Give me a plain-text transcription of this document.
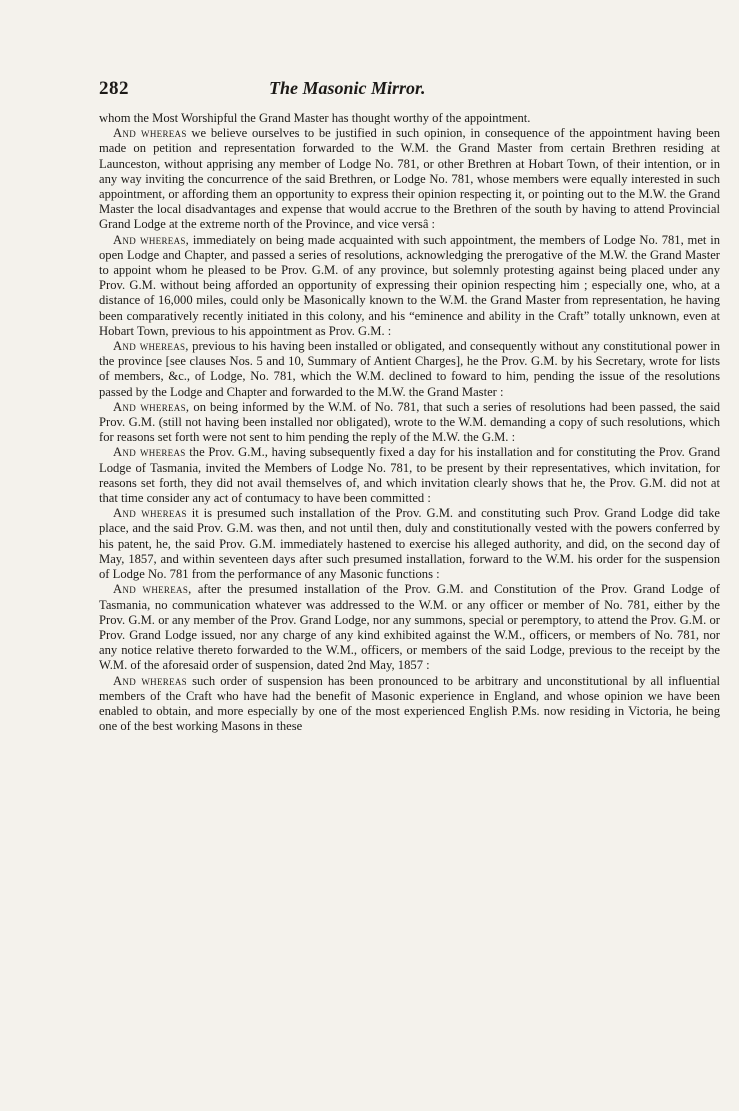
282	The Masonic Mirror.

whom the Most Worshipful the Grand Master has thought worthy of the appointment.

And whereas we believe ourselves to be justified in such opinion, in consequence of the appointment having been made on petition and representation forwarded to the W.M. the Grand Master from certain Brethren residing at Launceston, without apprising any member of Lodge No. 781, or other Brethren at Hobart Town, of their intention, or in any way inviting the concurrence of the said Brethren, or Lodge No. 781, whose members were equally interested in such appointment, or affording them an opportunity to express their opinion respecting it, or pointing out to the M.W. the Grand Master the local disadvantages and expense that would accrue to the Brethren of the south by having to attend Provincial Grand Lodge at the extreme north of the Province, and vice versâ :

And whereas, immediately on being made acquainted with such appointment, the members of Lodge No. 781, met in open Lodge and Chapter, and passed a series of resolutions, acknowledging the prerogative of the M.W. the Grand Master to appoint whom he pleased to be Prov. G.M. of any province, but solemnly protesting against being placed under any Prov. G.M. without being afforded an opportunity of expressing their opinion respecting him ; especially one, who, at a distance of 16,000 miles, could only be Masonically known to the W.M. the Grand Master from representation, he having been comparatively recently initiated in this colony, and his “eminence and ability in the Craft” totally unknown, even at Hobart Town, previous to his appointment as Prov. G.M. :

And whereas, previous to his having been installed or obligated, and consequently without any constitutional power in the province [see clauses Nos. 5 and 10, Summary of Antient Charges], he the Prov. G.M. by his Secretary, wrote for lists of members, &c., of Lodge, No. 781, which the W.M. declined to foward to him, pending the issue of the resolutions passed by the Lodge and Chapter and forwarded to the M.W. the Grand Master :

And whereas, on being informed by the W.M. of No. 781, that such a series of resolutions had been passed, the said Prov. G.M. (still not having been installed nor obligated), wrote to the W.M. demanding a copy of such resolutions, which for reasons set forth were not sent to him pending the reply of the M.W. the G.M. :

And whereas the Prov. G.M., having subsequently fixed a day for his installation and for constituting the Prov. Grand Lodge of Tasmania, invited the Members of Lodge No. 781, to be present by their representatives, which invitation, for reasons set forth, they did not avail themselves of, and which invitation clearly shows that he, the Prov. G.M. did not at that time consider any act of contumacy to have been committed :

And whereas it is presumed such installation of the Prov. G.M. and constituting such Prov. Grand Lodge did take place, and the said Prov. G.M. was then, and not until then, duly and constitutionally vested with the powers conferred by his patent, he, the said Prov. G.M. immediately hastened to exercise his alleged authority, and did, on the second day of May, 1857, and within seventeen days after such presumed installation, forward to the W.M. his order for the suspension of Lodge No. 781 from the performance of any Masonic functions :

And whereas, after the presumed installation of the Prov. G.M. and Constitution of the Prov. Grand Lodge of Tasmania, no communication whatever was addressed to the W.M. or any officer or member of No. 781, either by the Prov. G.M. or any member of the Prov. Grand Lodge, nor any summons, special or peremptory, to attend the Prov. G.M. or Prov. Grand Lodge issued, nor any charge of any kind exhibited against the W.M., officers, or members of No. 781, nor any notice relative thereto forwarded to the W.M., officers, or members of the said Lodge, previous to the receipt by the W.M. of the aforesaid order of suspension, dated 2nd May, 1857 :

And whereas such order of suspension has been pronounced to be arbitrary and unconstitutional by all influential members of the Craft who have had the benefit of Masonic experience in England, and whose opinion we have been enabled to obtain, and more especially by one of the most experienced English P.Ms. now residing in Victoria, he being one of the best working Masons in these
